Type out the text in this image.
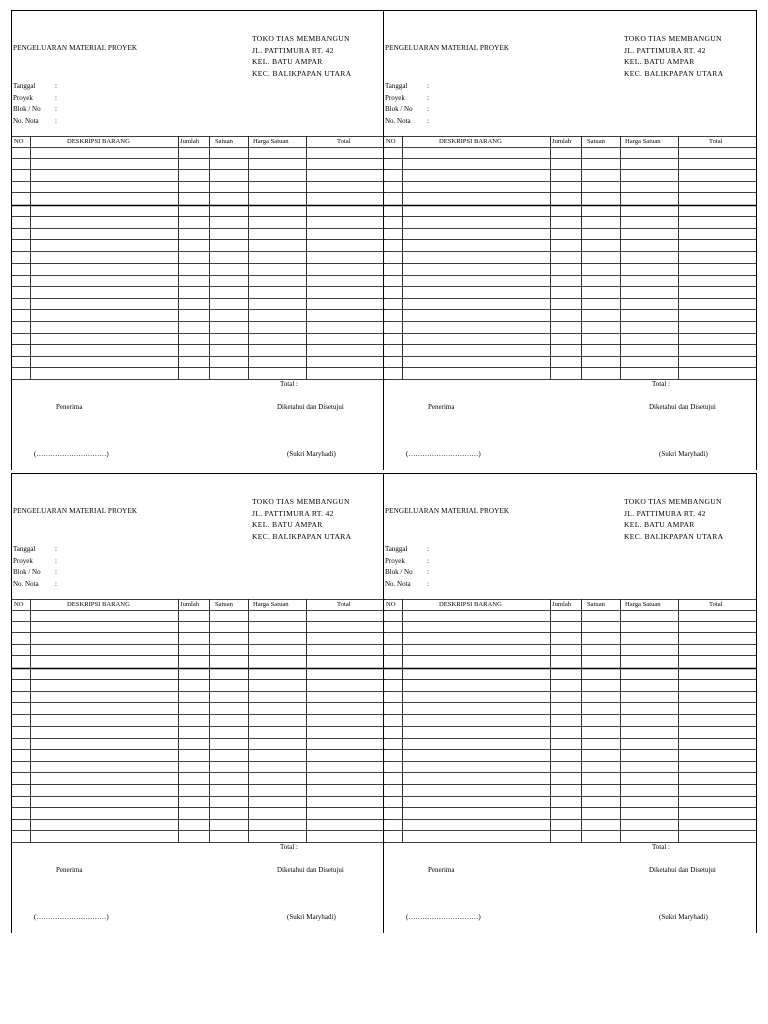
PENGELUARAN MATERIAL PROYEK
TOKO TIAS MEMBANGUN
JL. PATTIMURA RT. 42
KEL. BATU AMPAR
KEC. BALIKPAPAN UTARA
Tanggal	:
Proyek	:
Blok / No :
No. Nota :
NO	DESKRIPSI BARANG	Jumlah Satuan	Harga Satuan	Total
Total :
Penerima	Diketahui dan Disetujui
(…………………………)	(Sukri Maryhadi)
PENGELUARAN MATERIAL PROYEK
TOKO TIAS MEMBANGUN
JL. PATTIMURA RT. 42
KEL. BATU AMPAR
KEC. BALIKPAPAN UTARA
Tanggal	:
Proyek	:
Blok / No :
No. Nota :
NO	DESKRIPSI BARANG	Jumlah Satuan	Harga Satuan	Total
Total :
Penerima	Diketahui dan Disetujui
(…………………………)	(Sukri Maryhadi)
PENGELUARAN MATERIAL PROYEK
TOKO TIAS MEMBANGUN
JL. PATTIMURA RT. 42
KEL. BATU AMPAR
KEC. BALIKPAPAN UTARA
Tanggal	:
Proyek	:
Blok / No :
No. Nota :
NO	DESKRIPSI BARANG	Jumlah Satuan	Harga Satuan	Total
Total :
Penerima	Diketahui dan Disetujui
(…………………………)	(Sukri Maryhadi)
PENGELUARAN MATERIAL PROYEK
TOKO TIAS MEMBANGUN
JL. PATTIMURA RT. 42
KEL. BATU AMPAR
KEC. BALIKPAPAN UTARA
Tanggal	:
Proyek	:
Blok / No :
No. Nota :
NO	DESKRIPSI BARANG	Jumlah Satuan	Harga Satuan	Total
Total :
Penerima	Diketahui dan Disetujui
(…………………………)	(Sukri Maryhadi)
